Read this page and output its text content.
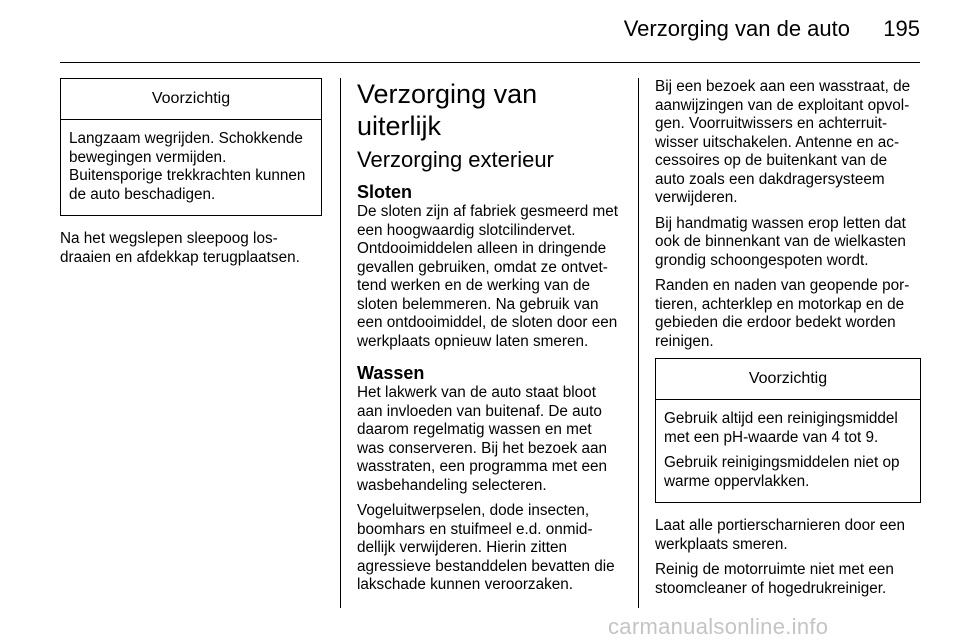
Verzorging van de auto	195
Voorzichtig

Langzaam wegrijden. Schokkende bewegingen vermijden. Buitensporige trekkrachten kunnen de auto beschadigen.

Na het wegslepen sleepoog losdraaien en afdekkap terugplaatsen.

Verzorging van uiterlijk
Verzorging exterieur
Sloten

De sloten zijn af fabriek gesmeerd met een hoogwaardig slotcilindervet. Ontdooimiddelen alleen in dringende gevallen gebruiken, omdat ze ontvettend werken en de werking van de sloten belemmeren. Na gebruik van een ontdooimiddel, de sloten door een werkplaats opnieuw laten smeren.

Wassen

Het lakwerk van de auto staat bloot aan invloeden van buitenaf. De auto daarom regelmatig wassen en met was conserveren. Bij het bezoek aan wasstraten, een programma met een wasbehandeling selecteren.

Vogeluitwerpselen, dode insecten, boomhars en stuifmeel e.d. onmiddellijk verwijderen. Hierin zitten agressieve bestanddelen bevatten die lakschade kunnen veroorzaken.

Bij een bezoek aan een wasstraat, de aanwijzingen van de exploitant opvolgen. Voorruitwissers en achterruitwisser uitschakelen. Antenne en accessoires op de buitenkant van de auto zoals een dakdragersysteem verwijderen.

Bij handmatig wassen erop letten dat ook de binnenkant van de wielkasten grondig schoongespoten wordt.

Randen en naden van geopende portieren, achterklep en motorkap en de gebieden die erdoor bedekt worden reinigen.

Voorzichtig

Gebruik altijd een reinigingsmiddel met een pH-waarde van 4 tot 9.

Gebruik reinigingsmiddelen niet op warme oppervlakken.

Laat alle portierscharnieren door een werkplaats smeren.

Reinig de motorruimte niet met een stoomcleaner of hogedrukreiniger.

carmanualsonline.info
